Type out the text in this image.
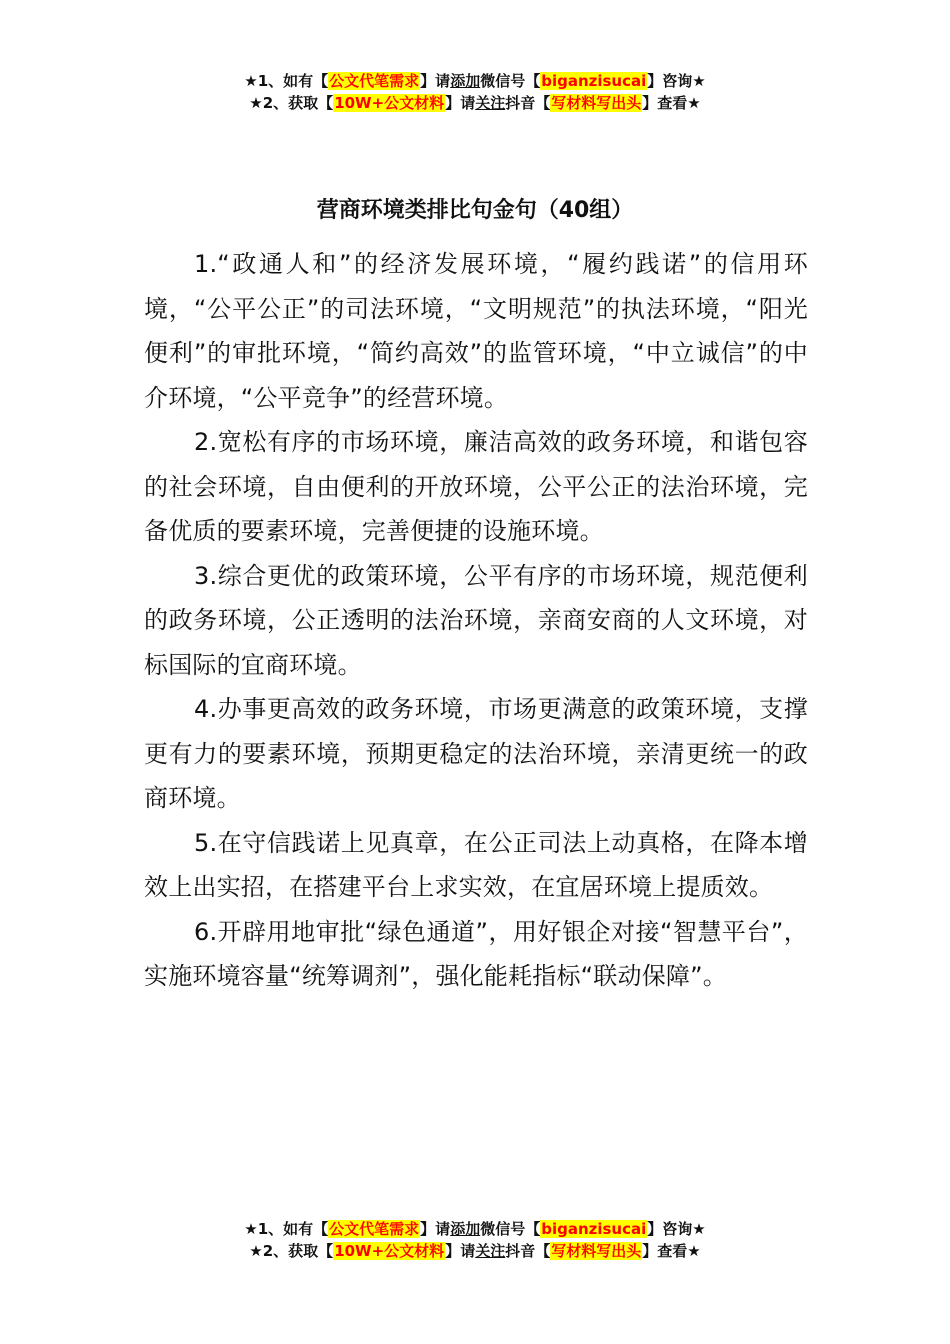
★1、如有【公文代笔需求】请添加微信号【biganzisucai】咨询★
★2、获取【10W+公文材料】请关注抖音【写材料写出头】查看★
营商环境类排比句金句（40组）

1.“政通人和”的经济发展环境，“履约践诺”的信用环境，“公平公正”的司法环境，“文明规范”的执法环境，“阳光便利”的审批环境，“简约高效”的监管环境，“中立诚信”的中介环境，“公平竞争”的经营环境。

2.宽松有序的市场环境，廉洁高效的政务环境，和谐包容的社会环境，自由便利的开放环境，公平公正的法治环境，完备优质的要素环境，完善便捷的设施环境。

3.综合更优的政策环境，公平有序的市场环境，规范便利的政务环境，公正透明的法治环境，亲商安商的人文环境，对标国际的宜商环境。

4.办事更高效的政务环境，市场更满意的政策环境，支撑更有力的要素环境，预期更稳定的法治环境，亲清更统一的政商环境。

5.在守信践诺上见真章，在公正司法上动真格，在降本增效上出实招，在搭建平台上求实效，在宜居环境上提质效。

6.开辟用地审批“绿色通道”，用好银企对接“智慧平台”，实施环境容量“统筹调剂”，强化能耗指标“联动保障”。

★1、如有【公文代笔需求】请添加微信号【biganzisucai】咨询★
★2、获取【10W+公文材料】请关注抖音【写材料写出头】查看★
